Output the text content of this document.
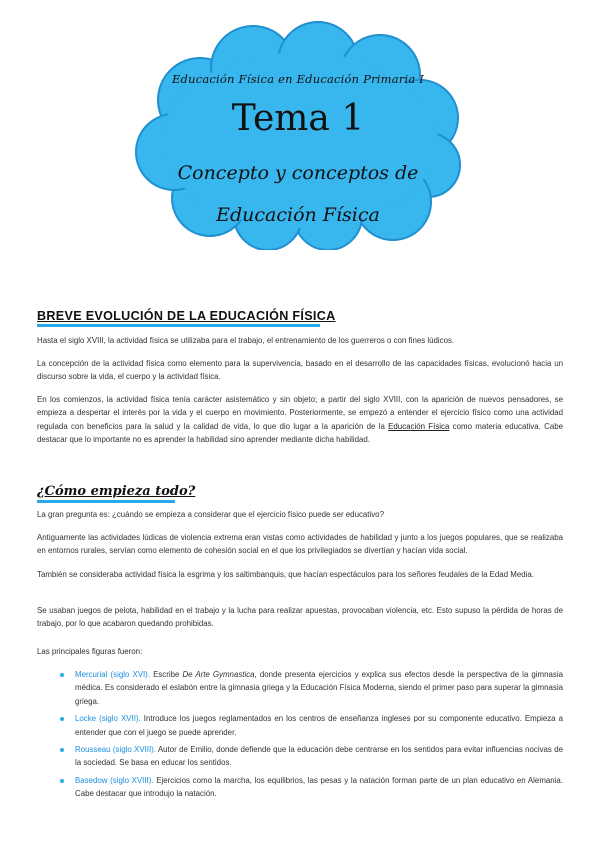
Educación Física en Educación Primaria I
Tema 1
Concepto y conceptos de
Educación Física
BREVE EVOLUCIÓN DE LA EDUCACIÓN FÍSICA

Hasta el siglo XVIII, la actividad física se utilizaba para el trabajo, el entrenamiento de los guerreros o con fines lúdicos.

La concepción de la actividad física como elemento para la supervivencia, basado en el desarrollo de las capacidades físicas, evolucionó hacia un discurso sobre la vida, el cuerpo y la actividad física.

En los comienzos, la actividad física tenía carácter asistemático y sin objeto; a partir del siglo XVIII, con la aparición de nuevos pensadores, se empieza a despertar el interés por la vida y el cuerpo en movimiento. Posteriormente, se empezó a entender el ejercicio físico como una actividad regulada con beneficios para la salud y la calidad de vida, lo que dio lugar a la aparición de la Educación Física como materia educativa. Cabe destacar que lo importante no es aprender la habilidad sino aprender mediante dicha habilidad.

¿Cómo empieza todo?

La gran pregunta es: ¿cuándo se empieza a considerar que el ejercicio físico puede ser educativo?

Antiguamente las actividades lúdicas de violencia extrema eran vistas como actividades de habilidad y junto a los juegos populares, que se realizaba en entornos rurales, servían como elemento de cohesión social en el que los privilegiados se divertían y hacían vida social.

También se consideraba actividad física la esgrima y los saltimbanquis, que hacían espectáculos para los señores feudales de la Edad Media.

Se usaban juegos de pelota, habilidad en el trabajo y la lucha para realizar apuestas, provocaban violencia, etc. Esto supuso la pérdida de horas de trabajo, por lo que acabaron quedando prohibidas.

Las principales figuras fueron:

Mercurial (siglo XVI). Escribe De Arte Gymnastica, donde presenta ejercicios y explica sus efectos desde la perspectiva de la gimnasia médica. Es considerado el eslabón entre la gimnasia griega y la Educación Física Moderna, siendo el primer paso para superar la gimnasia griega.
Locke (siglo XVII). Introduce los juegos reglamentados en los centros de enseñanza ingleses por su componente educativo. Empieza a entender que con el juego se puede aprender.
Rousseau (siglo XVIII). Autor de Emilio, donde defiende que la educación debe centrarse en los sentidos para evitar influencias nocivas de la sociedad. Se basa en educar los sentidos.
Basedow (siglo XVIII). Ejercicios como la marcha, los equilibrios, las pesas y la natación forman parte de un plan educativo en Alemania. Cabe destacar que introdujo la natación.
